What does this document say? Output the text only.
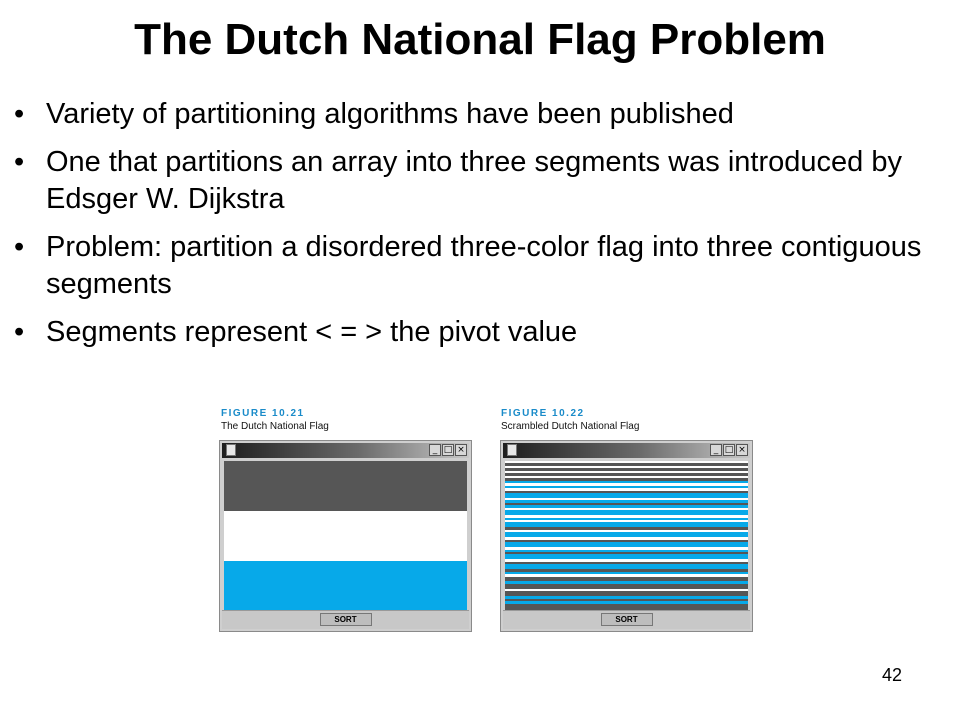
The Dutch National Flag Problem
• Variety of partitioning algorithms have been published
• One that partitions an array into three segments was introduced by Edsger W. Dijkstra
• Problem: partition a disordered three-color flag into three contiguous segments
• Segments represent < = > the pivot value
FIGURE 10.21
The Dutch National Flag
_ □ ×
SORT
FIGURE 10.22
Scrambled Dutch National Flag
_ □ ×
SORT
42
